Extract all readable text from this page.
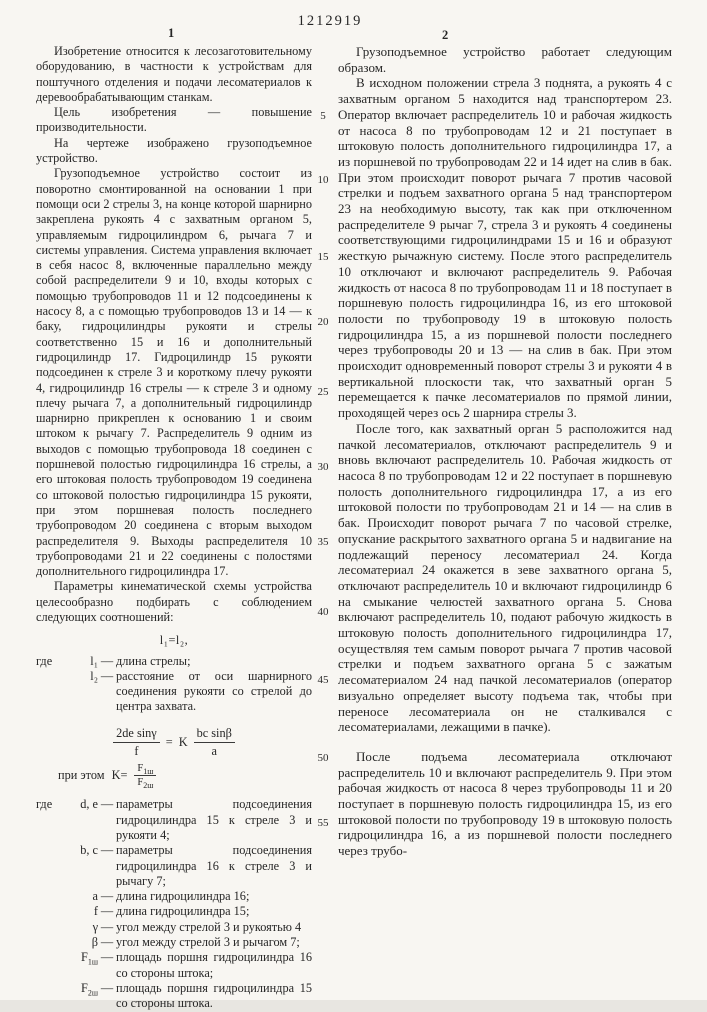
1212919
1	2
5
10
15
20
25
30
35
40
45
50
55

Изобретение относится к лесозаготовительному оборудованию, в частности к устройствам для поштучного отделения и подачи лесоматериалов к деревообрабатывающим станкам.

Цель изобретения — повышение производительности.

На чертеже изображено грузоподъемное устройство.

Грузоподъемное устройство состоит из поворотно смонтированной на основании 1 при помощи оси 2 стрелы 3, на конце которой шарнирно закреплена рукоять 4 с захватным органом 5, управляемым гидроцилиндром 6, рычага 7 и системы управления. Система управления включает в себя насос 8, включенные параллельно между собой распределители 9 и 10, входы которых с помощью трубопроводов 11 и 12 подсоединены к насосу 8, а с помощью трубопроводов 13 и 14 — к баку, гидроцилиндры рукояти и стрелы соответственно 15 и 16 и дополнительный гидроцилиндр 17. Гидроцилиндр 15 рукояти подсоединен к стреле 3 и короткому плечу рукояти 4, гидроцилиндр 16 стрелы — к стреле 3 и одному плечу рычага 7, а дополнительный гидроцилиндр шарнирно прикреплен к основанию 1 и своим штоком к рычагу 7. Распределитель 9 одним из выходов с помощью трубопровода 18 соединен с поршневой полостью гидроцилиндра 16 стрелы, а его штоковая полость трубопроводом 19 соединена со штоковой полостью гидроцилиндра 15 рукояти, при этом поршневая полость последнего трубопроводом 20 соединена с вторым выходом распределителя 9. Выходы распределителя 10 трубопроводами 21 и 22 соединены с полостями дополнительного гидроцилиндра 17.

Параметры кинематической схемы устройства целесообразно подбирать с соблюдением следующих соотношений:

l₁=l₂,
где	l₁ — длина стрелы;
l₂ — расстояние от оси шарнирного соединения рукояти со стрелой до центра захвата.
$\frac{\text{2de sinγ}}{f} = K \frac{\text{bc sinβ}}{a}$
при этом $K= \frac{F_{1ш}}{F_{2ш}}$
где	d, e — параметры подсоединения гидроцилиндра 15 к стреле 3 и рукояти 4;
b, c — параметры подсоединения гидроцилиндра 16 к стреле 3 и рычагу 7;
a — длина гидроцилиндра 16;
f — длина гидроцилиндра 15;
γ — угол между стрелой 3 и рукоятью 4
β — угол между стрелой 3 и рычагом 7;
$F_{1ш}$ — площадь поршня гидроцилиндра 16 со стороны штока;
$F_{2ш}$ — площадь поршня гидроцилиндра 15 со стороны штока.

Грузоподъемное устройство работает следующим образом.

В исходном положении стрела 3 поднята, а рукоять 4 с захватным органом 5 находится над транспортером 23. Оператор включает распределитель 10 и рабочая жидкость от насоса 8 по трубопроводам 12 и 21 поступает в штоковую полость дополнительного гидроцилиндра 17, а из поршневой по трубопроводам 22 и 14 идет на слив в бак. При этом происходит поворот рычага 7 против часовой стрелки и подъем захватного органа 5 над транспортером 23 на необходимую высоту, так как при отключенном распределителе 9 рычаг 7, стрела 3 и рукоять 4 соединены соответствующими гидроцилиндрами 15 и 16 и образуют жесткую рычажную систему. После этого распределитель 10 отключают и включают распределитель 9. Рабочая жидкость от насоса 8 по трубопроводам 11 и 18 поступает в поршневую полость гидроцилиндра 16, из его штоковой полости по трубопроводу 19 в штоковую полость гидроцилиндра 15, а из поршневой полости последнего через трубопроводы 20 и 13 — на слив в бак. При этом происходит одновременный поворот стрелы 3 и рукояти 4 в вертикальной плоскости так, что захватный орган 5 перемещается к пачке лесоматериалов по прямой линии, проходящей через ось 2 шарнира стрелы 3.

После того, как захватный орган 5 расположится над пачкой лесоматериалов, отключают распределитель 9 и вновь включают распределитель 10. Рабочая жидкость от насоса 8 по трубопроводам 12 и 22 поступает в поршневую полость дополнительного гидроцилиндра 17, а из его штоковой полости по трубопроводам 21 и 14 — на слив в бак. Происходит поворот рычага 7 по часовой стрелке, опускание раскрытого захватного органа 5 и надвигание на подлежащий переносу лесоматериал 24. Когда лесоматериал 24 окажется в зеве захватного органа 5, отключают распределитель 10 и включают гидроцилиндр 6 на смыкание челюстей захватного органа 5. Снова включают распределитель 10, подают рабочую жидкость в штоковую полость дополнительного гидроцилиндра 17, осуществляя тем самым поворот рычага 7 против часовой стрелки и подъем захватного органа 5 с зажатым лесоматериалом 24 над пачкой лесоматериалов (оператор визуально определяет высоту подъема так, чтобы при переносе лесоматериала он не сталкивался с лесоматериалами, лежащими в пачке).

После подъема лесоматериала отключают распределитель 10 и включают распределитель 9. При этом рабочая жидкость от насоса 8 через трубопроводы 11 и 20 поступает в поршневую полость гидроцилиндра 15, из его штоковой полости по трубопроводу 19 в штоковую полость гидроцилиндра 16, а из поршневой полости последнего через трубо-
